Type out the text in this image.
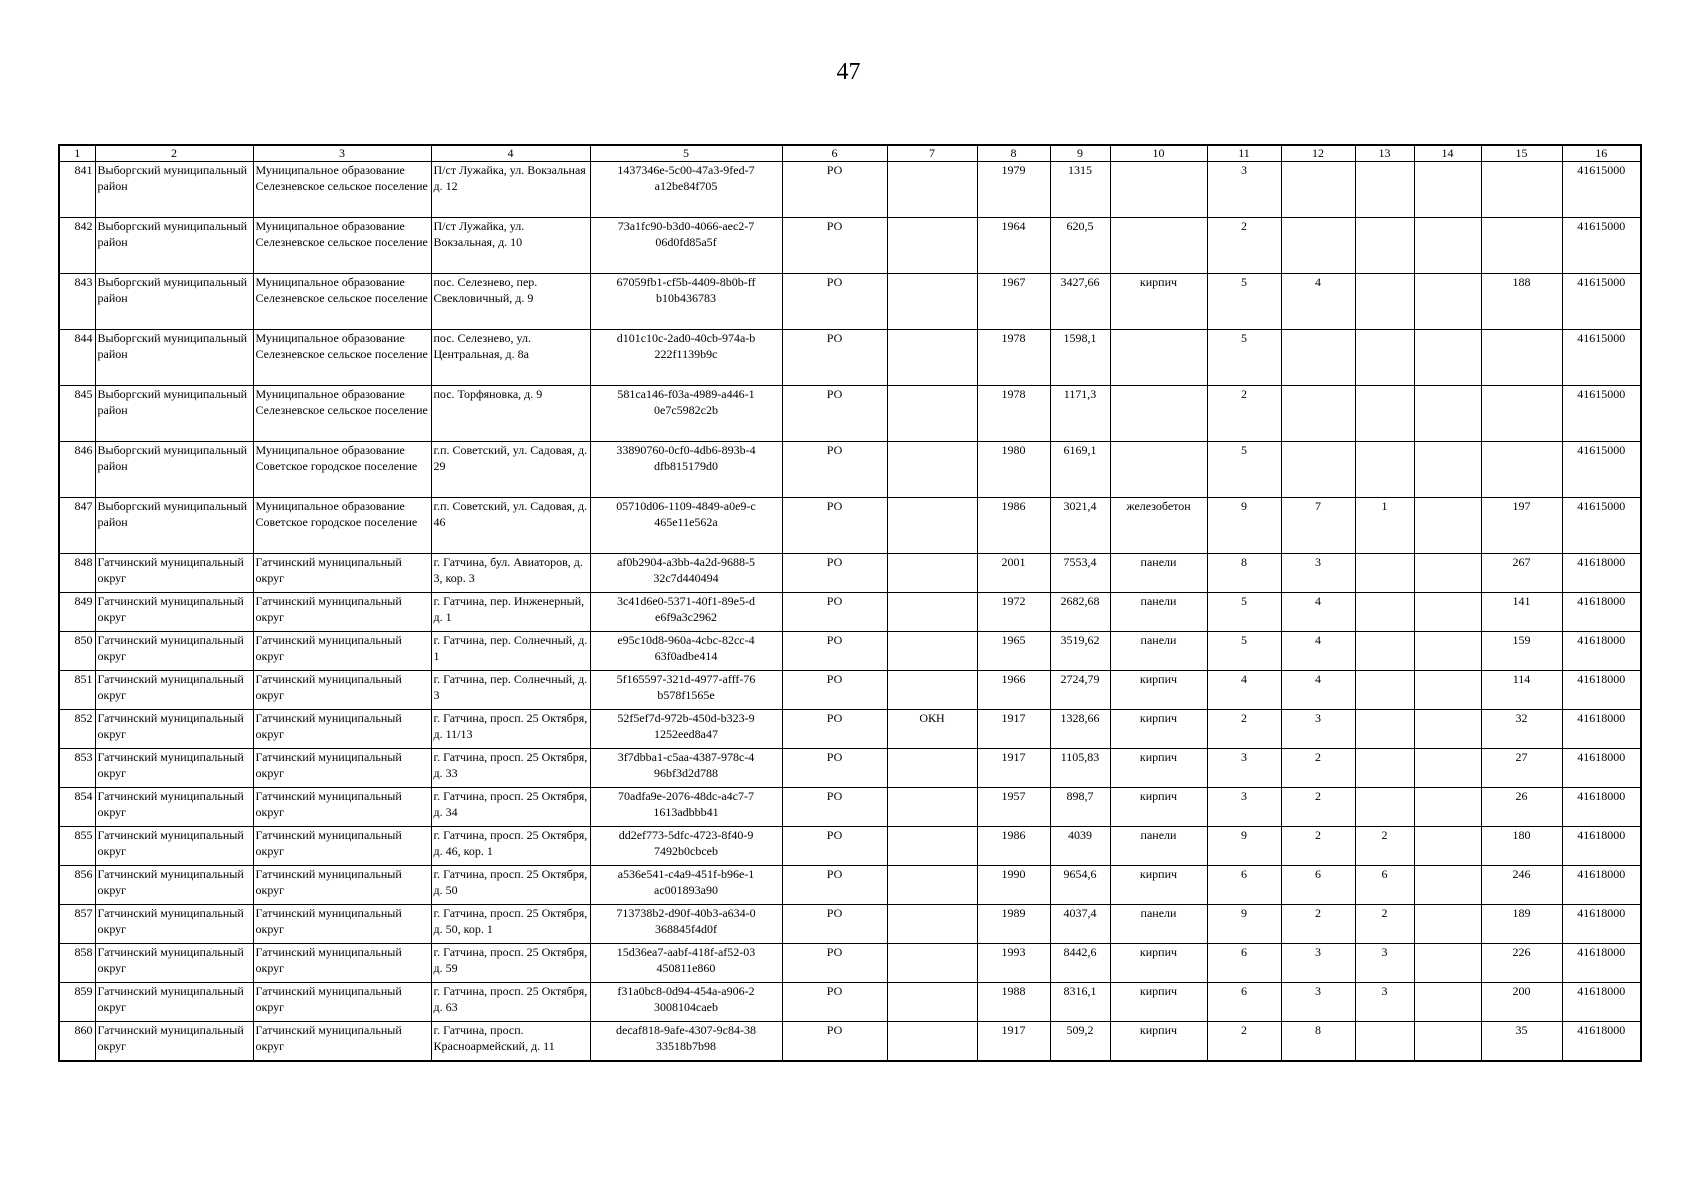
47
1	2	3	4	5	6	7	8	9	10	11	12	13	14	15	16
841	Выборгский муниципальный район	Муниципальное образование Селезневское сельское поселение	П/ст Лужайка, ул. Вокзальная д. 12	1437346e-5c00-47a3-9fed-7a12be84f705	РО		1979	1315		3					41615000
842	Выборгский муниципальный район	Муниципальное образование Селезневское сельское поселение	П/ст Лужайка, ул. Вокзальная, д. 10	73a1fc90-b3d0-4066-aec2-706d0fd85a5f	РО		1964	620,5		2					41615000
843	Выборгский муниципальный район	Муниципальное образование Селезневское сельское поселение	пос. Селезнево, пер. Свекловичный, д. 9	67059fb1-cf5b-4409-8b0b-ffb10b436783	РО		1967	3427,66	кирпич	5	4			188	41615000
844	Выборгский муниципальный район	Муниципальное образование Селезневское сельское поселение	пос. Селезнево, ул. Центральная, д. 8а	d101c10c-2ad0-40cb-974a-b222f1139b9c	РО		1978	1598,1		5					41615000
845	Выборгский муниципальный район	Муниципальное образование Селезневское сельское поселение	пос. Торфяновка, д. 9	581ca146-f03a-4989-a446-10e7c5982c2b	РО		1978	1171,3		2					41615000
846	Выборгский муниципальный район	Муниципальное образование Советское городское поселение	г.п. Советский, ул. Садовая, д. 29	33890760-0cf0-4db6-893b-4dfb815179d0	РО		1980	6169,1		5					41615000
847	Выборгский муниципальный район	Муниципальное образование Советское городское поселение	г.п. Советский, ул. Садовая, д. 46	05710d06-1109-4849-a0e9-c465e11e562a	РО		1986	3021,4	железобетон	9	7	1		197	41615000
848	Гатчинский муниципальный округ	Гатчинский муниципальный округ	г. Гатчина, бул. Авиаторов, д. 3, кор. 3	af0b2904-a3bb-4a2d-9688-532c7d440494	РО		2001	7553,4	панели	8	3			267	41618000
849	Гатчинский муниципальный округ	Гатчинский муниципальный округ	г. Гатчина, пер. Инженерный, д. 1	3c41d6e0-5371-40f1-89e5-de6f9a3c2962	РО		1972	2682,68	панели	5	4			141	41618000
850	Гатчинский муниципальный округ	Гатчинский муниципальный округ	г. Гатчина, пер. Солнечный, д. 1	e95c10d8-960a-4cbc-82cc-463f0adbe414	РО		1965	3519,62	панели	5	4			159	41618000
851	Гатчинский муниципальный округ	Гатчинский муниципальный округ	г. Гатчина, пер. Солнечный, д. 3	5f165597-321d-4977-afff-76b578f1565e	РО		1966	2724,79	кирпич	4	4			114	41618000
852	Гатчинский муниципальный округ	Гатчинский муниципальный округ	г. Гатчина, просп. 25 Октября, д. 11/13	52f5ef7d-972b-450d-b323-91252eed8a47	РО	ОКН	1917	1328,66	кирпич	2	3			32	41618000
853	Гатчинский муниципальный округ	Гатчинский муниципальный округ	г. Гатчина, просп. 25 Октября, д. 33	3f7dbba1-c5aa-4387-978c-496bf3d2d788	РО		1917	1105,83	кирпич	3	2			27	41618000
854	Гатчинский муниципальный округ	Гатчинский муниципальный округ	г. Гатчина, просп. 25 Октября, д. 34	70adfa9e-2076-48dc-a4c7-71613adbbb41	РО		1957	898,7	кирпич	3	2			26	41618000
855	Гатчинский муниципальный округ	Гатчинский муниципальный округ	г. Гатчина, просп. 25 Октября, д. 46, кор. 1	dd2ef773-5dfc-4723-8f40-97492b0cbceb	РО		1986	4039	панели	9	2	2		180	41618000
856	Гатчинский муниципальный округ	Гатчинский муниципальный округ	г. Гатчина, просп. 25 Октября, д. 50	a536e541-c4a9-451f-b96e-1ac001893a90	РО		1990	9654,6	кирпич	6	6	6		246	41618000
857	Гатчинский муниципальный округ	Гатчинский муниципальный округ	г. Гатчина, просп. 25 Октября, д. 50, кор. 1	713738b2-d90f-40b3-a634-0368845f4d0f	РО		1989	4037,4	панели	9	2	2		189	41618000
858	Гатчинский муниципальный округ	Гатчинский муниципальный округ	г. Гатчина, просп. 25 Октября, д. 59	15d36ea7-aabf-418f-af52-03450811e860	РО		1993	8442,6	кирпич	6	3	3		226	41618000
859	Гатчинский муниципальный округ	Гатчинский муниципальный округ	г. Гатчина, просп. 25 Октября, д. 63	f31a0bc8-0d94-454a-a906-23008104caeb	РО		1988	8316,1	кирпич	6	3	3		200	41618000
860	Гатчинский муниципальный округ	Гатчинский муниципальный округ	г. Гатчина, просп. Красноармейский, д. 11	decaf818-9afe-4307-9c84-3833518b7b98	РО		1917	509,2	кирпич	2	8			35	41618000
